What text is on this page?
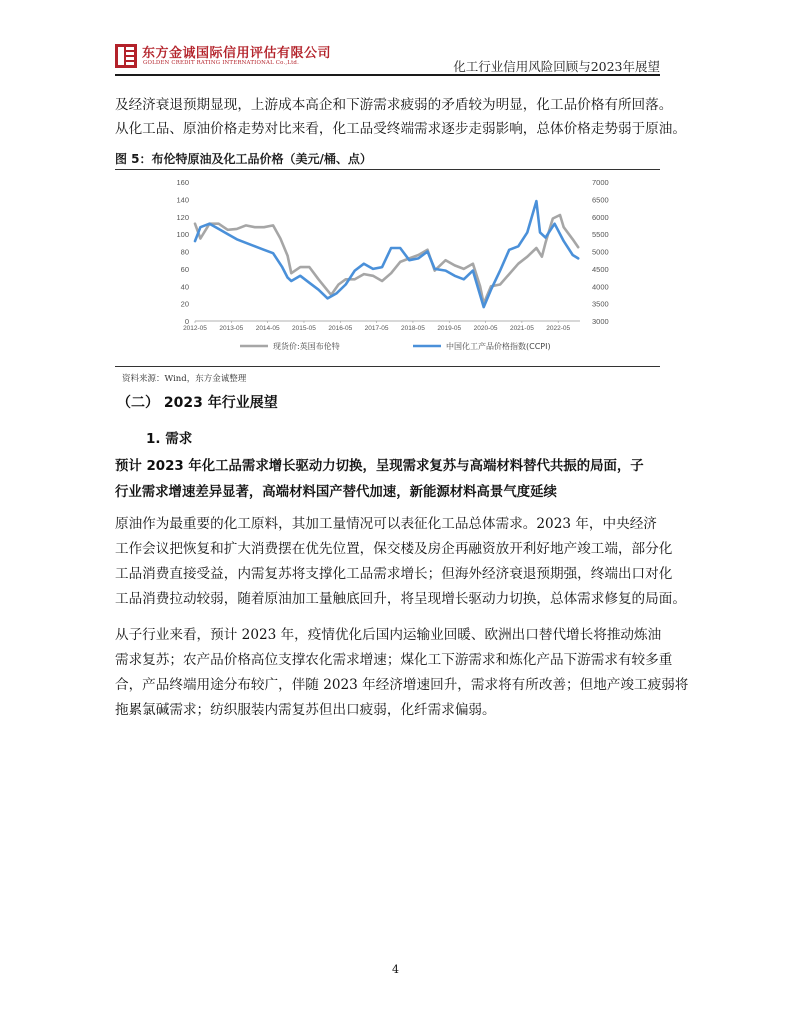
东方金诚国际信用评估有限公司
GOLDEN CREDIT RATING INTERNATIONAL Co.,Ltd.	化工行业信用风险回顾与2023年展望
及经济衰退预期显现，上游成本高企和下游需求疲弱的矛盾较为明显，化工品价格有所回落。
从化工品、原油价格走势对比来看，化工品受终端需求逐步走弱影响，总体价格走势弱于原油。
图 5：布伦特原油及化工品价格（美元/桶、点）
0
20
40
60
80
100
120
140
160
3000
3500
4000
4500
5000
5500
6000
6500
7000
2012-05 2013-05 2014-05 2015-05 2016-05 2017-05 2018-05 2019-05 2020-05 2021-05 2022-05
现货价:英国布伦特	中国化工产品价格指数(CCPI)
资料来源：Wind，东方金诚整理
（二） 2023 年行业展望
1. 需求
预计 2023 年化工品需求增长驱动力切换，呈现需求复苏与高端材料替代共振的局面，子
行业需求增速差异显著，高端材料国产替代加速，新能源材料高景气度延续
原油作为最重要的化工原料，其加工量情况可以表征化工品总体需求。2023 年，中央经济
工作会议把恢复和扩大消费摆在优先位置，保交楼及房企再融资放开利好地产竣工端，部分化
工品消费直接受益，内需复苏将支撑化工品需求增长；但海外经济衰退预期强，终端出口对化
工品消费拉动较弱，随着原油加工量触底回升，将呈现增长驱动力切换，总体需求修复的局面。
从子行业来看，预计 2023 年，疫情优化后国内运输业回暖、欧洲出口替代增长将推动炼油
需求复苏；农产品价格高位支撑农化需求增速；煤化工下游需求和炼化产品下游需求有较多重
合，产品终端用途分布较广，伴随 2023 年经济增速回升，需求将有所改善；但地产竣工疲弱将
拖累氯碱需求；纺织服装内需复苏但出口疲弱，化纤需求偏弱。
4
